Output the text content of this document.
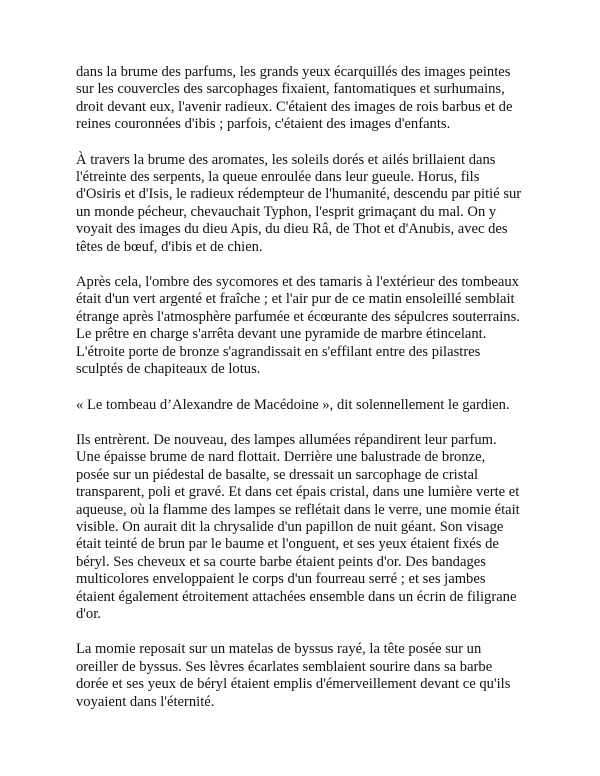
dans la brume des parfums, les grands yeux écarquillés des images peintes
sur les couvercles des sarcophages fixaient, fantomatiques et surhumains,
droit devant eux, l'avenir radieux. C'étaient des images de rois barbus et de
reines couronnées d'ibis ; parfois, c'étaient des images d'enfants.

À travers la brume des aromates, les soleils dorés et ailés brillaient dans
l'étreinte des serpents, la queue enroulée dans leur gueule. Horus, fils
d'Osiris et d'Isis, le radieux rédempteur de l'humanité, descendu par pitié sur
un monde pécheur, chevauchait Typhon, l'esprit grimaçant du mal. On y
voyait des images du dieu Apis, du dieu Râ, de Thot et d'Anubis, avec des
têtes de bœuf, d'ibis et de chien.

Après cela, l'ombre des sycomores et des tamaris à l'extérieur des tombeaux
était d'un vert argenté et fraîche ; et l'air pur de ce matin ensoleillé semblait
étrange après l'atmosphère parfumée et écœurante des sépulcres souterrains.
Le prêtre en charge s'arrêta devant une pyramide de marbre étincelant.
L'étroite porte de bronze s'agrandissait en s'effilant entre des pilastres
sculptés de chapiteaux de lotus.

« Le tombeau d’Alexandre de Macédoine », dit solennellement le gardien.

Ils entrèrent. De nouveau, des lampes allumées répandirent leur parfum.
Une épaisse brume de nard flottait. Derrière une balustrade de bronze,
posée sur un piédestal de basalte, se dressait un sarcophage de cristal
transparent, poli et gravé. Et dans cet épais cristal, dans une lumière verte et
aqueuse, où la flamme des lampes se reflétait dans le verre, une momie était
visible. On aurait dit la chrysalide d'un papillon de nuit géant. Son visage
était teinté de brun par le baume et l'onguent, et ses yeux étaient fixés de
béryl. Ses cheveux et sa courte barbe étaient peints d'or. Des bandages
multicolores enveloppaient le corps d'un fourreau serré ; et ses jambes
étaient également étroitement attachées ensemble dans un écrin de filigrane
d'or.

La momie reposait sur un matelas de byssus rayé, la tête posée sur un
oreiller de byssus. Ses lèvres écarlates semblaient sourire dans sa barbe
dorée et ses yeux de béryl étaient emplis d'émerveillement devant ce qu'ils
voyaient dans l'éternité.
